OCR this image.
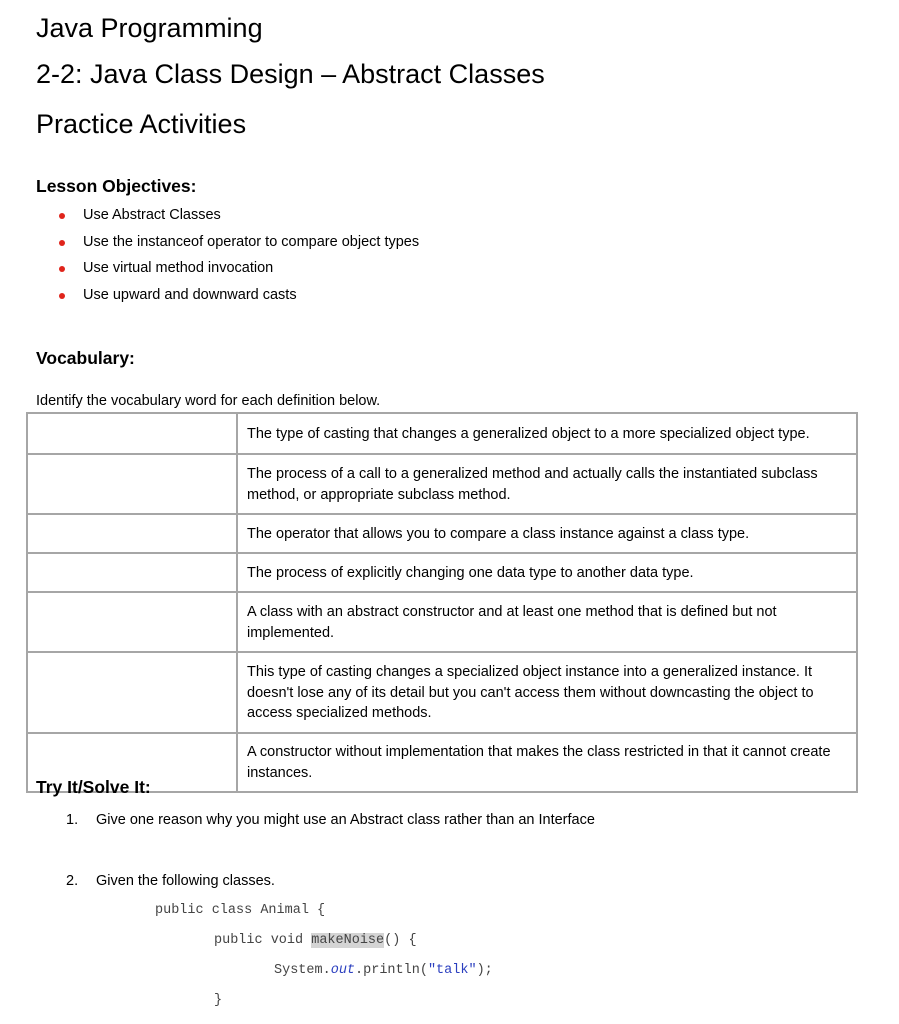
Java Programming
2-2: Java Class Design – Abstract Classes
Practice Activities
Lesson Objectives:
Use Abstract Classes
Use the instanceof operator to compare object types
Use virtual method invocation
Use upward and downward casts
Vocabulary:
Identify the vocabulary word for each definition below.
	The type of casting that changes a generalized object to a more specialized object type.
	The process of a call to a generalized method and actually calls the instantiated subclass method, or appropriate subclass method.
	The operator that allows you to compare a class instance against a class type.
	The process of explicitly changing one data type to another data type.
	A class with an abstract constructor and at least one method that is defined but not implemented.
	This type of casting changes a specialized object instance into a generalized instance. It doesn't lose any of its detail but you can't access them without downcasting the object to access specialized methods.
	A constructor without implementation that makes the class restricted in that it cannot create instances.
Try It/Solve It:
1. Give one reason why you might use an Abstract class rather than an Interface
2. Given the following classes.
public class Animal {
public void makeNoise() {
System.out.println("talk");
}
